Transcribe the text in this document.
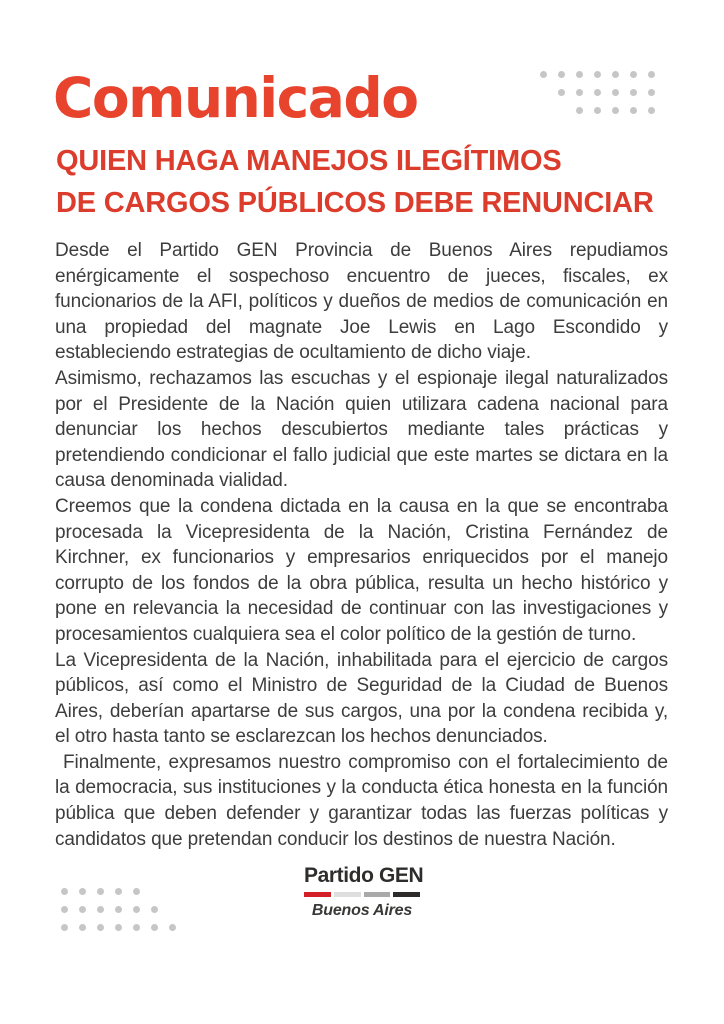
Comunicado
QUIEN HAGA MANEJOS ILEGÍTIMOS
DE CARGOS PÚBLICOS DEBE RENUNCIAR

Desde el Partido GEN Provincia de Buenos Aires repudiamos enérgicamente el sospechoso encuentro de jueces, fiscales, ex funcionarios de la AFI, políticos y dueños de medios de comunicación en una propiedad del magnate Joe Lewis en Lago Escondido y estableciendo estrategias de ocultamiento de dicho viaje.

Asimismo, rechazamos las escuchas y el espionaje ilegal naturalizados por el Presidente de la Nación quien utilizara cadena nacional para denunciar los hechos descubiertos mediante tales prácticas y pretendiendo condicionar el fallo judicial que este martes se dictara en la causa denominada vialidad.

Creemos que la condena dictada en la causa en la que se encontraba procesada la Vicepresidenta de la Nación, Cristina Fernández de Kirchner, ex funcionarios y empresarios enriquecidos por el manejo corrupto de los fondos de la obra pública, resulta un hecho histórico y pone en relevancia la necesidad de continuar con las investigaciones y procesamientos cualquiera sea el color político de la gestión de turno.

La Vicepresidenta de la Nación, inhabilitada para el ejercicio de cargos públicos, así como el Ministro de Seguridad de la Ciudad de Buenos Aires, deberían apartarse de sus cargos, una por la condena recibida y, el otro hasta tanto se esclarezcan los hechos denunciados.

Finalmente, expresamos nuestro compromiso con el fortalecimiento de la democracia, sus instituciones y la conducta ética honesta en la función pública que deben defender y garantizar todas las fuerzas políticas y candidatos que pretendan conducir los destinos de nuestra Nación.

Partido GEN
Buenos Aires
